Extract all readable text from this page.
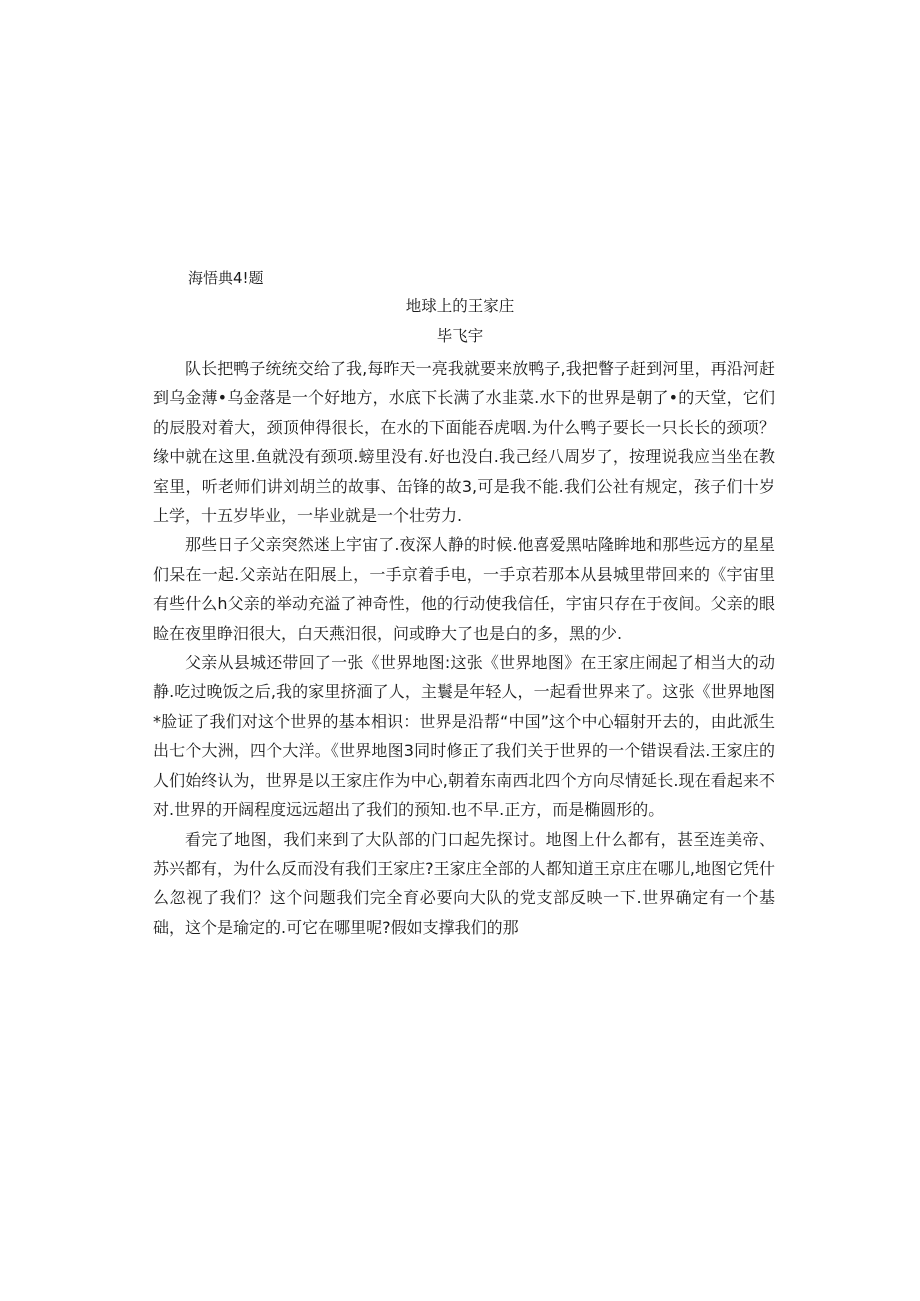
海悟典4!题
地球上的王家庄
毕飞宇

队长把鸭子统统交给了我,每昨天一亮我就要来放鸭子,我把瞥子赶到河里，再沿河赶到乌金薄•乌金落是一个好地方，水底下长满了水韭菜.水下的世界是朝了•的天堂，它们的辰股对着大，颈顶伸得很长，在水的下面能吞虎咽.为什么鸭子要长一只长长的颈项？缘中就在这里.鱼就没有颈项.螃里没有.好也没白.我己经八周岁了，按理说我应当坐在教室里，听老师们讲刘胡兰的故事、缶锋的故3,可是我不能.我们公社有规定，孩子们十岁上学，十五岁毕业，一毕业就是一个壮劳力.

那些日子父亲突然迷上宇宙了.夜深人静的时候.他喜爱黑咕隆眸地和那些远方的星星们呆在一起.父亲站在阳展上，一手京着手电，一手京若那本从县城里带回来的《宇宙里有些什么h父亲的举动充溢了神奇性，他的行动使我信任，宇宙只存在于夜间。父亲的眼睑在夜里睁汨很大，白天燕汨很，问或睁大了也是白的多，黑的少.

父亲从县城还带回了一张《世界地图:这张《世界地图》在王家庄闹起了相当大的动静.吃过晚饭之后,我的家里挤湎了人，主鬟是年轻人，一起看世界来了。这张《世界地图*脸证了我们对这个世界的基本相识：世界是沿帮“中国”这个中心辐射开去的，由此派生出七个大洲，四个大洋。《世界地图3同时修正了我们关于世界的一个错误看法.王家庄的人们始终认为，世界是以王家庄作为中心,朝着东南西北四个方向尽情延长.现在看起来不对.世界的开阔程度远远超出了我们的预知.也不早.正方，而是椭圆形的。

看完了地图，我们来到了大队部的门口起先探讨。地图上什么都有，甚至连美帝、苏兴都有，为什么反而没有我们王家庄?王家庄全部的人都知道王京庄在哪儿,地图它凭什么忽视了我们？这个问题我们完全育必要向大队的党支部反映一下.世界确定有一个基础，这个是瑜定的.可它在哪里呢?假如支撑我们的那
